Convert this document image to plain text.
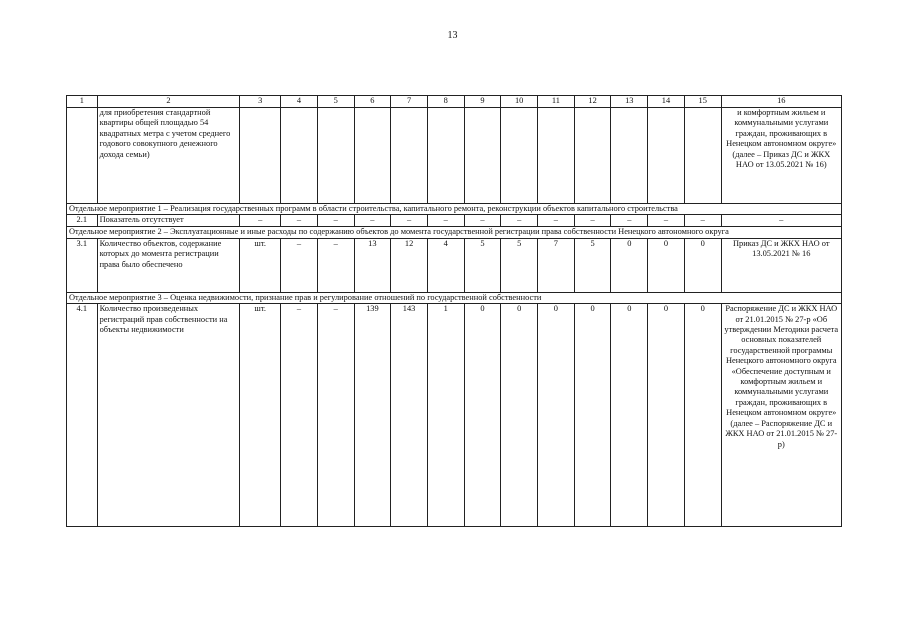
13
1	2	3	4	5	6	7	8	9	10	11	12	13	14	15	16
	для приобретения стандартной квартиры общей площадью 54 квадратных метра с учетом среднего годового совокупного денежного дохода семьи)														и комфортным жильем и коммунальными услугами граждан, проживающих в Ненецком автономном округе» (далее – Приказ ДС и ЖКХ НАО от 13.05.2021 № 16)
Отдельное мероприятие 1 – Реализация государственных программ в области строительства, капитального ремонта, реконструкции объектов капитального строительства															
2.1	Показатель отсутствует	–	–	–	–	–	–	–	–	–	–	–	–	–	–
Отдельное мероприятие 2 – Эксплуатационные и иные расходы по содержанию объектов до момента государственной регистрации права собственности Ненецкого автономного округа															
3.1	Количество объектов, содержание которых до момента регистрации права было обеспечено	шт.	–	–	13	12	4	5	5	7	5	0	0	0	Приказ ДС и ЖКХ НАО от 13.05.2021 № 16
Отдельное мероприятие 3 – Оценка недвижимости, признание прав и регулирование отношений по государственной собственности															
4.1	Количество произведенных регистраций прав собственности на объекты недвижимости	шт.	–	–	139	143	1	0	0	0	0	0	0	0	Распоряжение ДС и ЖКХ НАО от 21.01.2015 № 27-р «Об утверждении Методики расчета основных показателей государственной программы Ненецкого автономного округа «Обеспечение доступным и комфортным жильем и коммунальными услугами граждан, проживающих в Ненецком автономном округе» (далее – Распоряжение ДС и ЖКХ НАО от 21.01.2015 № 27-р)
